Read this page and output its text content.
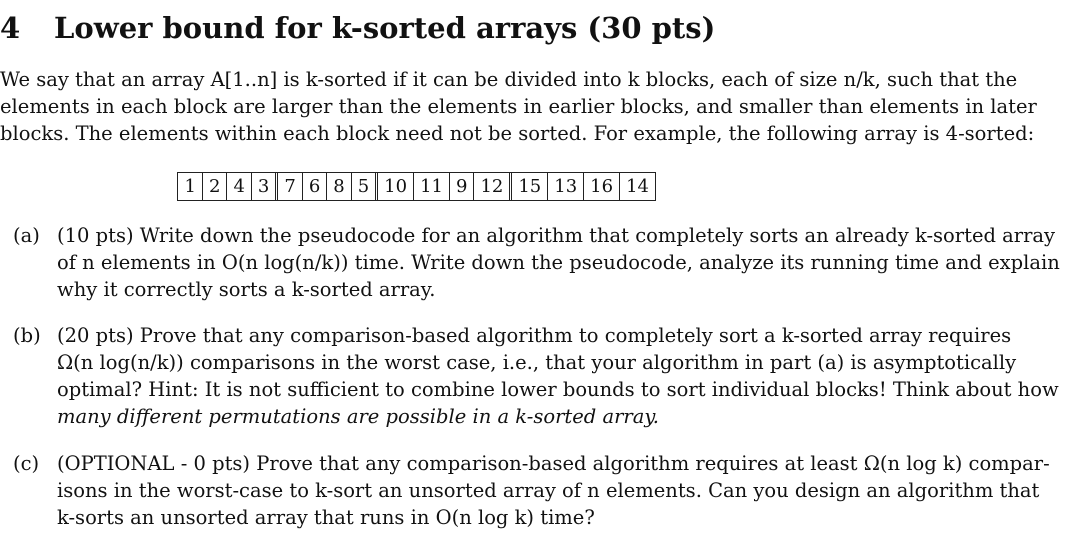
4 Lower bound for k-sorted arrays (30 pts)
We say that an array A[1..n] is k-sorted if it can be divided into k blocks, each of size n/k, such that the
elements in each block are larger than the elements in earlier blocks, and smaller than elements in later
blocks. The elements within each block need not be sorted. For example, the following array is 4-sorted:
1 2 4 3 7 6 8 5 10 11 9 12 15 13 16 14
(a) (10 pts) Write down the pseudocode for an algorithm that completely sorts an already k-sorted array
of n elements in O(n log(n/k)) time. Write down the pseudocode, analyze its running time and explain
why it correctly sorts a k-sorted array.
(b) (20 pts) Prove that any comparison-based algorithm to completely sort a k-sorted array requires
Ω(n log(n/k)) comparisons in the worst case, i.e., that your algorithm in part (a) is asymptotically
optimal? Hint: It is not sufficient to combine lower bounds to sort individual blocks! Think about how
many different permutations are possible in a k-sorted array.
(c) (OPTIONAL - 0 pts) Prove that any comparison-based algorithm requires at least Ω(n log k) compar-
isons in the worst-case to k-sort an unsorted array of n elements. Can you design an algorithm that
k-sorts an unsorted array that runs in O(n log k) time?
